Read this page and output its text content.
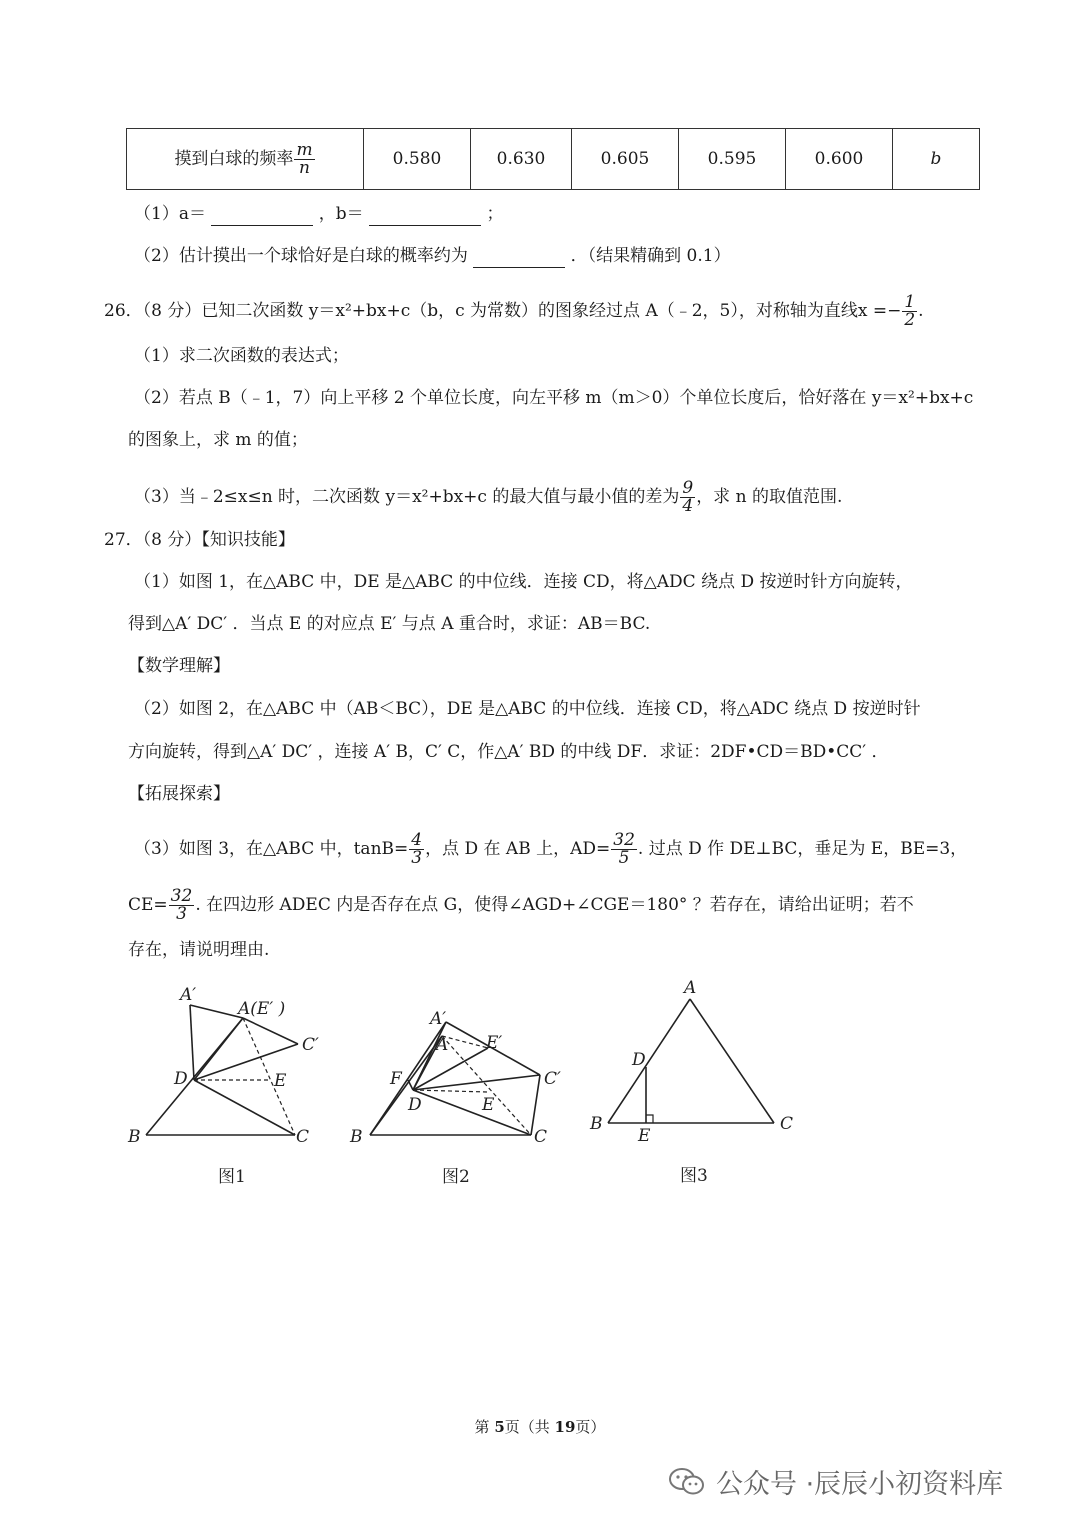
摸到白球的频率 $\frac{m}{n}$	0.580	0.630	0.605	0.595	0.600	b
（1）a＝	，b＝	；
（2）估计摸出一个球恰好是白球的概率约为	．（结果精确到 0.1）
26．（8 分）已知二次函数 y＝x²+bx+c（b，c 为常数）的图象经过点 A（﹣2，5），对称轴为直线$x =- \frac{1}{2}$ .
（1）求二次函数的表达式；
（2）若点 B（﹣1，7）向上平移 2 个单位长度，向左平移 m（m＞0）个单位长度后，恰好落在 y＝x²+bx+c
的图象上，求 m 的值；
（3）当﹣2≤x≤n 时，二次函数 y＝x²+bx+c 的最大值与最小值的差为 $\frac{9}{4}$ ，求 n 的取值范围.
27．（8 分）【知识技能】
（1）如图 1，在△ABC 中，DE 是△ABC 的中位线．连接 CD，将△ADC 绕点 D 按逆时针方向旋转，
得到△A′ DC′ ．当点 E 的对应点 E′ 与点 A 重合时，求证：AB＝BC.
【数学理解】
（2）如图 2，在△ABC 中（AB＜BC），DE 是△ABC 的中位线．连接 CD，将△ADC 绕点 D 按逆时针
方向旋转，得到△A′ DC′ ，连接 A′ B，C′ C，作△A′ BD 的中线 DF．求证：2DF•CD＝BD•CC′ ．
【拓展探索】
（3）如图 3，在△ABC 中，$\tan B= \frac{4}{3}$ ，点 D 在 AB 上，$AD= \frac{32}{5}$ . 过点 D 作 DE⊥BC，垂足为 E，BE=3，
$CE= \frac{32}{3}$ . 在四边形 ADEC 内是否存在点 G，使得∠AGD+∠CGE＝180° ？若存在，请给出证明；若不
存在，请说明理由.
A′
A(E′ )
C′
D	E
B	C
图1
A′
A E′
C′
F
D	E
B	C
图2
A
D
B
E
C
图3
第 5页（共 19页）
公众号 · 辰辰小初资料库
